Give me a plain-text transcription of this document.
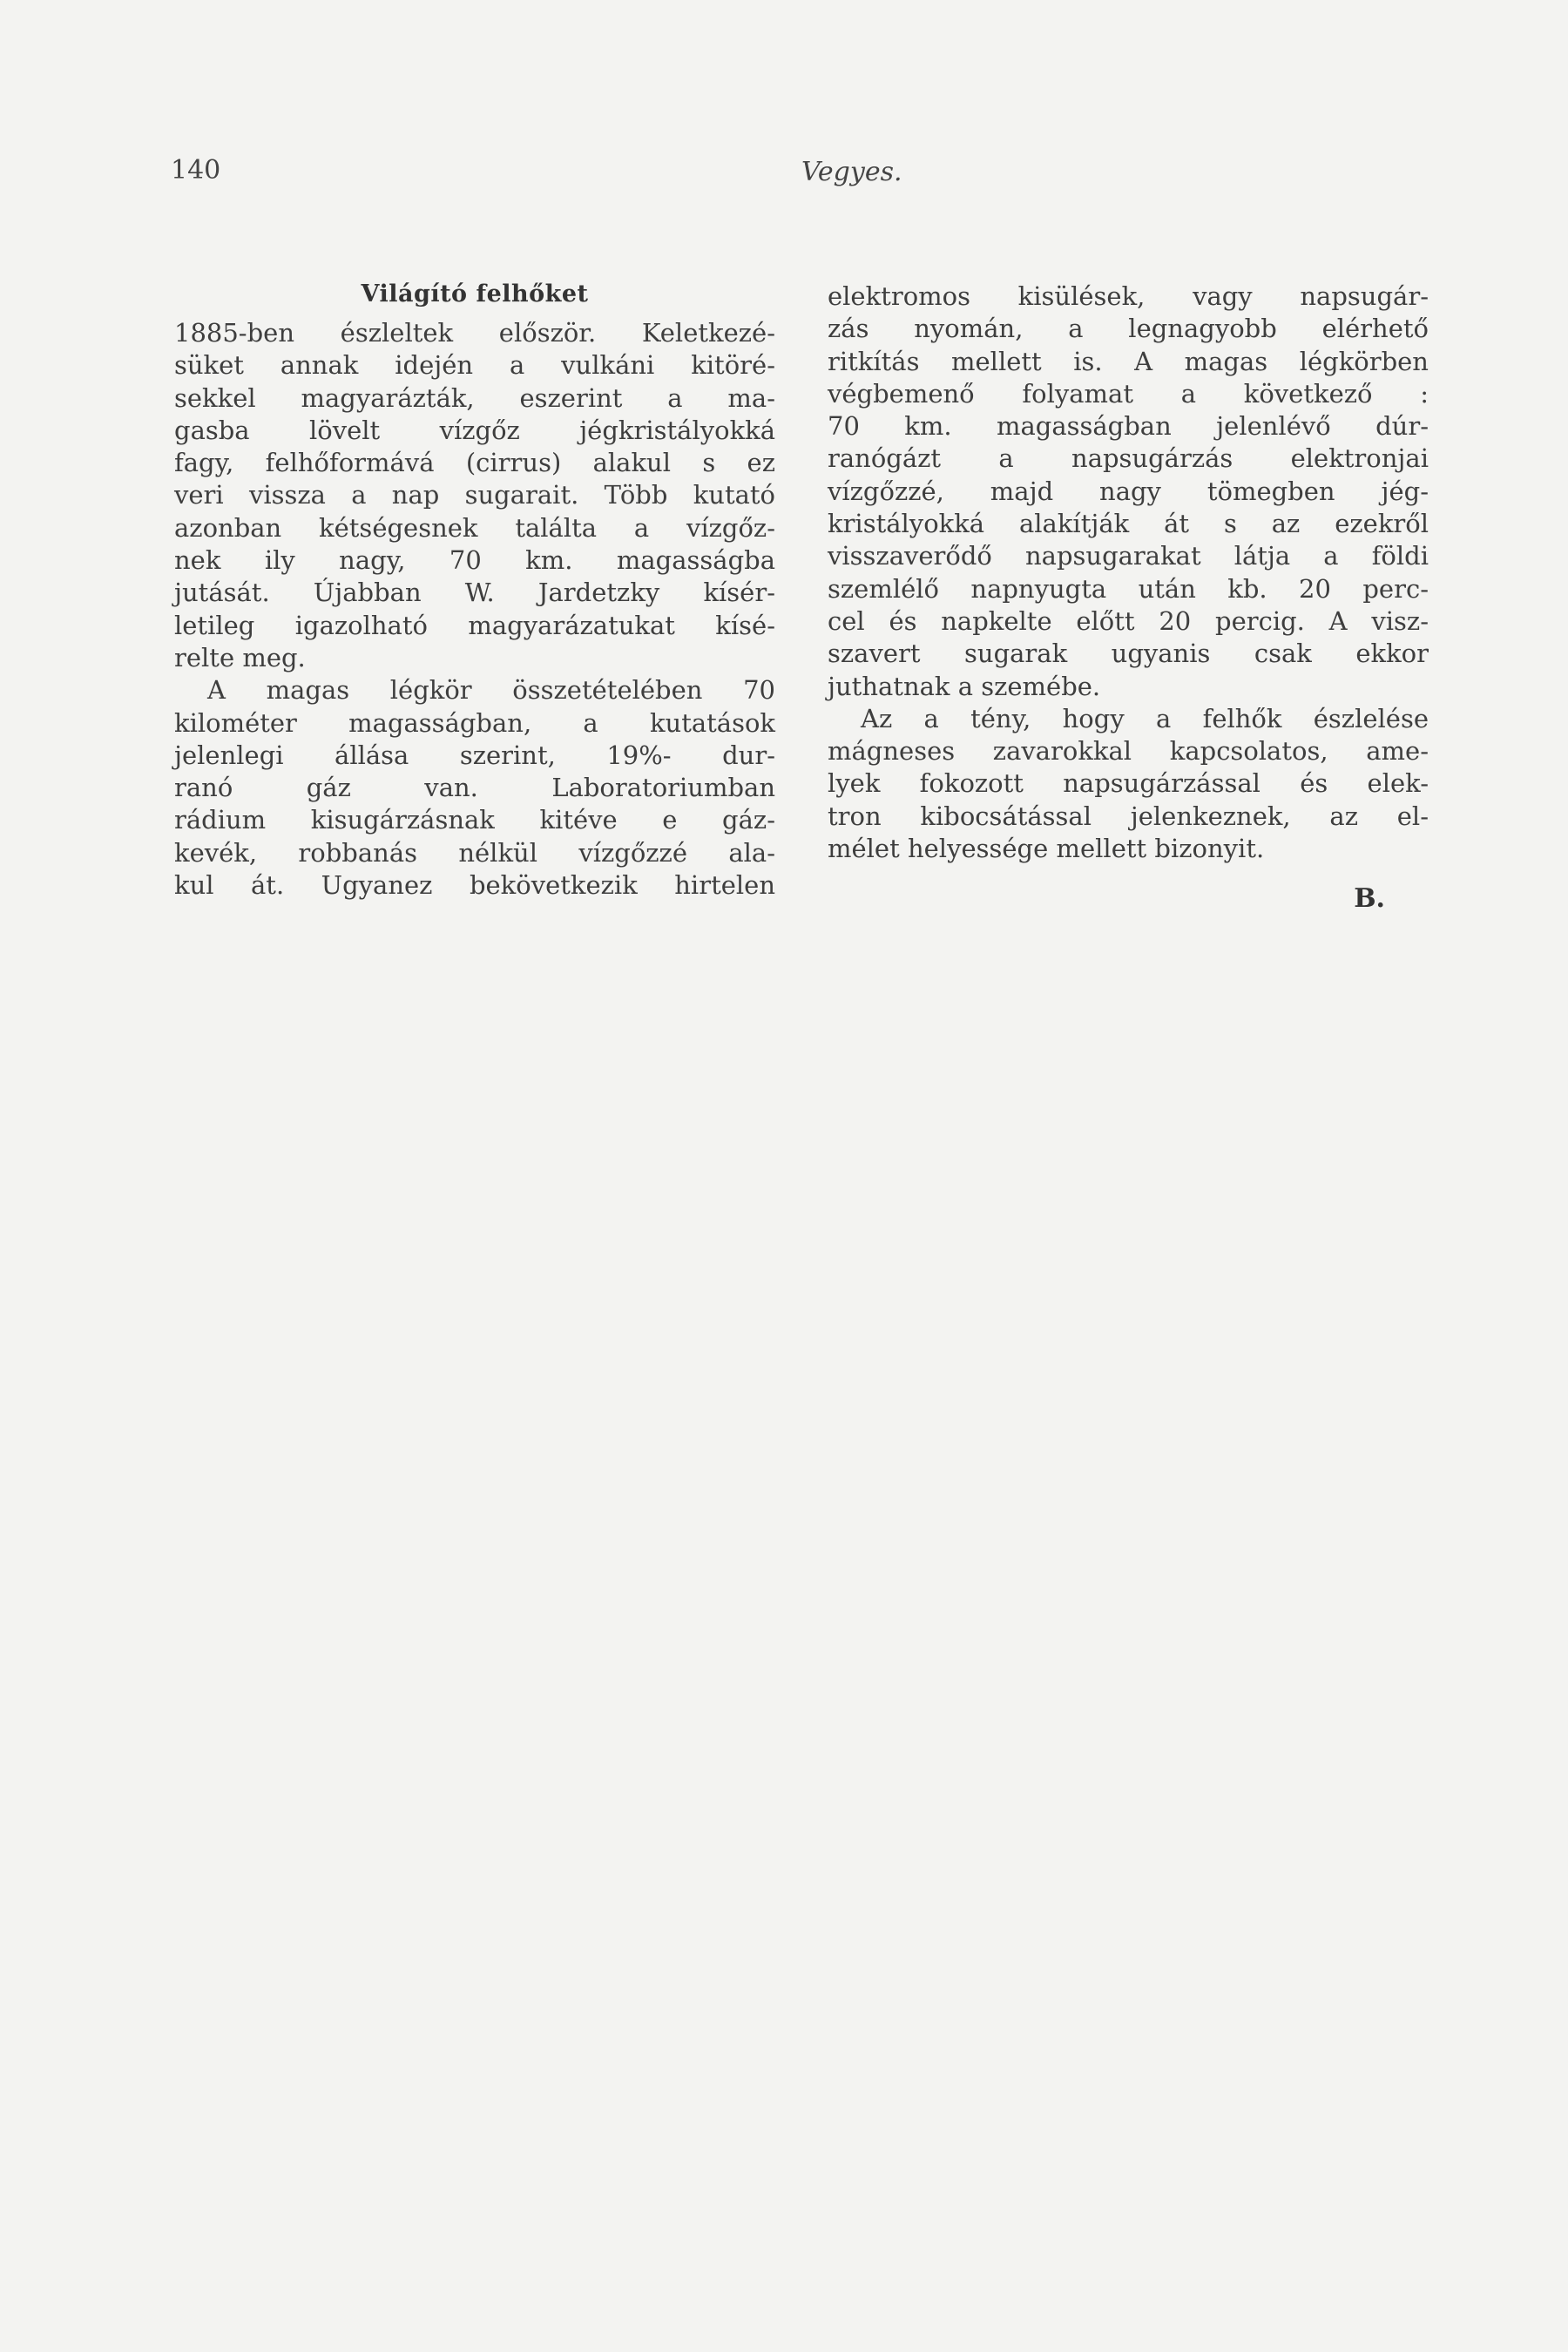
140	Vegyes.
Világító felhőket
1885-ben észleltek először. Keletkezé-
süket annak idején a vulkáni kitöré-
sekkel magyarázták, eszerint a ma-
gasba lövelt vízgőz jégkristályokká
fagy, felhőformává (cirrus) alakul s ez
veri vissza a nap sugarait. Több kutató
azonban kétségesnek találta a vízgőz-
nek ily nagy, 70 km. magasságba
jutását. Újabban W. Jardetzky kísér-
letileg igazolható magyarázatukat kísé-
relte meg.
A magas légkör összetételében 70
kilométer magasságban, a kutatások
jelenlegi állása szerint, 19%- dur-
ranó gáz van. Laboratoriumban
rádium kisugárzásnak kitéve e gáz-
kevék, robbanás nélkül vízgőzzé ala-
kul át. Ugyanez bekövetkezik hirtelen
elektromos kisülések, vagy napsugár-
zás nyomán, a legnagyobb elérhető
ritkítás mellett is. A magas légkörben
végbemenő folyamat a következő :
70 km. magasságban jelenlévő dúr-
ranógázt a napsugárzás elektronjai
vízgőzzé, majd nagy tömegben jég-
kristályokká alakítják át s az ezekről
visszaverődő napsugarakat látja a földi
szemlélő napnyugta után kb. 20 perc-
cel és napkelte előtt 20 percig. A visz-
szavert sugarak ugyanis csak ekkor
juthatnak a szemébe.
Az a tény, hogy a felhők észlelése
mágneses zavarokkal kapcsolatos, ame-
lyek fokozott napsugárzással és elek-
tron kibocsátással jelenkeznek, az el-
mélet helyessége mellett bizonyit.
B.
